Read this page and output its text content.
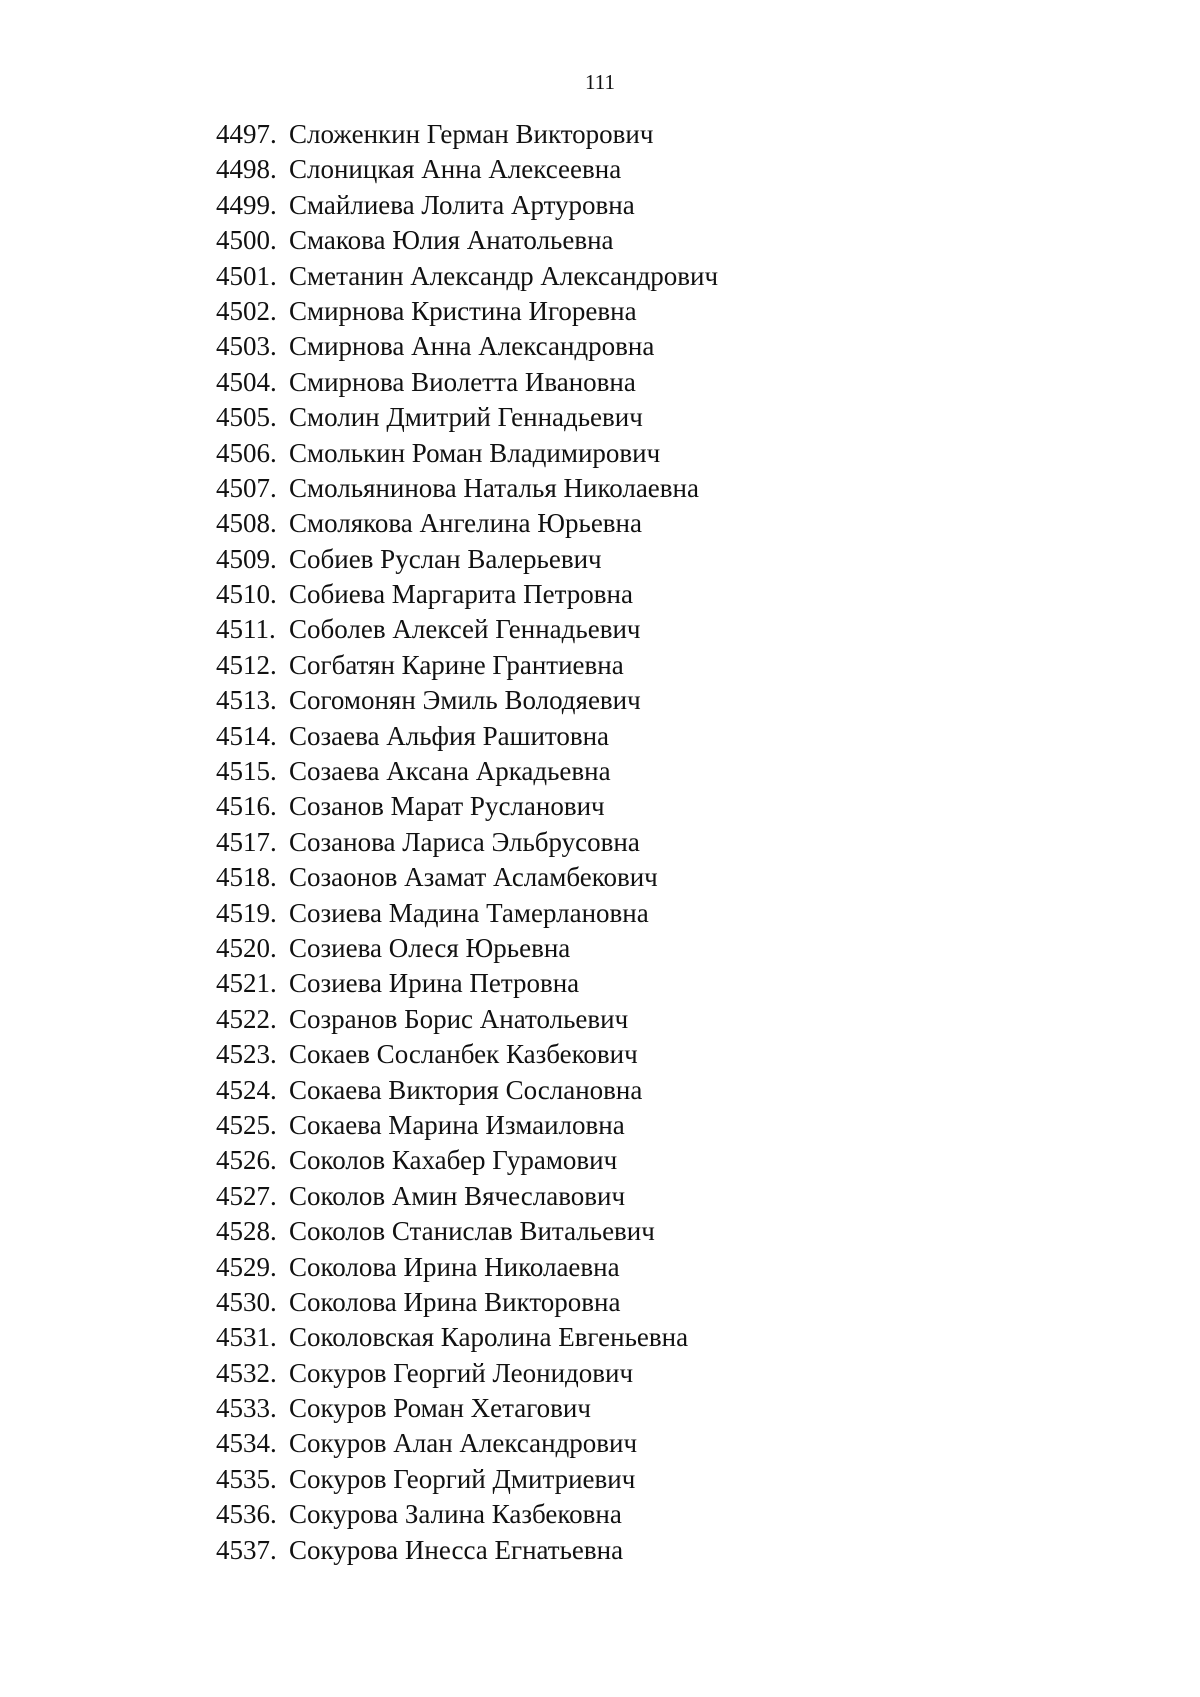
111
4497. Сложенкин Герман Викторович
4498. Слоницкая Анна Алексеевна
4499. Смайлиева Лолита Артуровна
4500. Смакова Юлия Анатольевна
4501. Сметанин Александр Александрович
4502. Смирнова Кристина Игоревна
4503. Смирнова Анна Александровна
4504. Смирнова Виолетта Ивановна
4505. Смолин Дмитрий Геннадьевич
4506. Смолькин Роман Владимирович
4507. Смольянинова Наталья Николаевна
4508. Смолякова Ангелина Юрьевна
4509. Собиев Руслан Валерьевич
4510. Собиева Маргарита Петровна
4511. Соболев Алексей Геннадьевич
4512. Согбатян Карине Грантиевна
4513. Согомонян Эмиль Володяевич
4514. Созаева Альфия Рашитовна
4515. Созаева Аксана Аркадьевна
4516. Созанов Марат Русланович
4517. Созанова Лариса Эльбрусовна
4518. Созаонов Азамат Асламбекович
4519. Созиева Мадина Тамерлановна
4520. Созиева Олеся Юрьевна
4521. Созиева Ирина Петровна
4522. Созранов Борис Анатольевич
4523. Сокаев Сосланбек Казбекович
4524. Сокаева Виктория Сослановна
4525. Сокаева Марина Измаиловна
4526. Соколов Кахабер Гурамович
4527. Соколов Амин Вячеславович
4528. Соколов Станислав Витальевич
4529. Соколова Ирина Николаевна
4530. Соколова Ирина Викторовна
4531. Соколовская Каролина Евгеньевна
4532. Сокуров Георгий Леонидович
4533. Сокуров Роман Хетагович
4534. Сокуров Алан Александрович
4535. Сокуров Георгий Дмитриевич
4536. Сокурова Залина Казбековна
4537. Сокурова Инесса Егнатьевна
